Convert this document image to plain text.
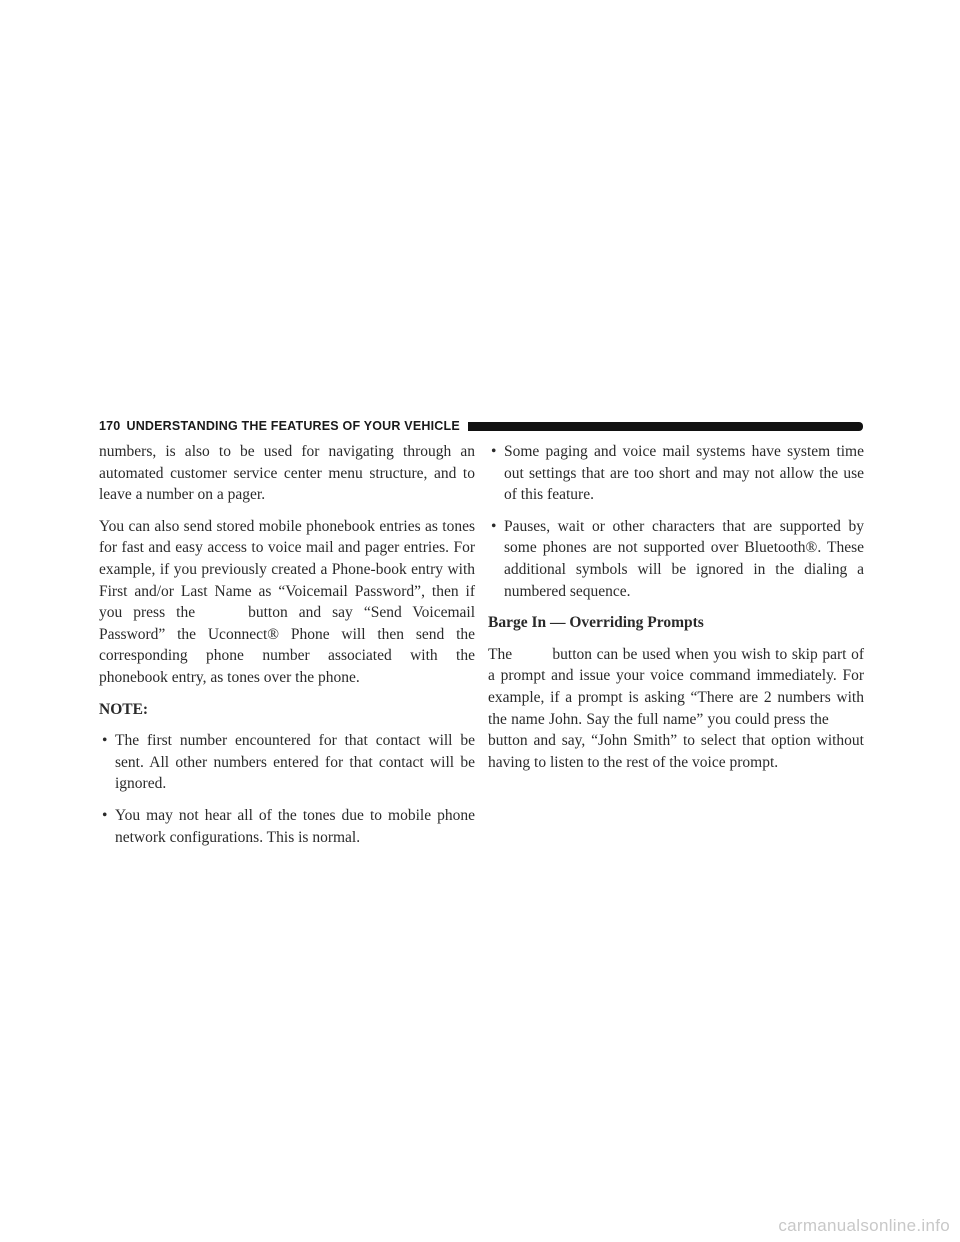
170 UNDERSTANDING THE FEATURES OF YOUR VEHICLE

numbers, is also to be used for navigating through an automated customer service center menu structure, and to leave a number on a pager.

You can also send stored mobile phonebook entries as tones for fast and easy access to voice mail and pager entries. For example, if you previously created a Phone-book entry with First and/or Last Name as “Voicemail Password”, then if you press the    button and say “Send Voicemail Password” the Uconnect® Phone will then send the corresponding phone number associated with the phonebook entry, as tones over the phone.

NOTE:
• The first number encountered for that contact will be sent. All other numbers entered for that contact will be ignored.
• You may not hear all of the tones due to mobile phone network configurations. This is normal.
• Some paging and voice mail systems have system time out settings that are too short and may not allow the use of this feature.
• Pauses, wait or other characters that are supported by some phones are not supported over Bluetooth®. These additional symbols will be ignored in the dialing a numbered sequence.
Barge In — Overriding Prompts

The    button can be used when you wish to skip part of a prompt and issue your voice command immediately. For example, if a prompt is asking “There are 2 numbers with the name John. Say the full name” you could press the    button and say, “John Smith” to select that option without having to listen to the rest of the voice prompt.

carmanualsonline.info
